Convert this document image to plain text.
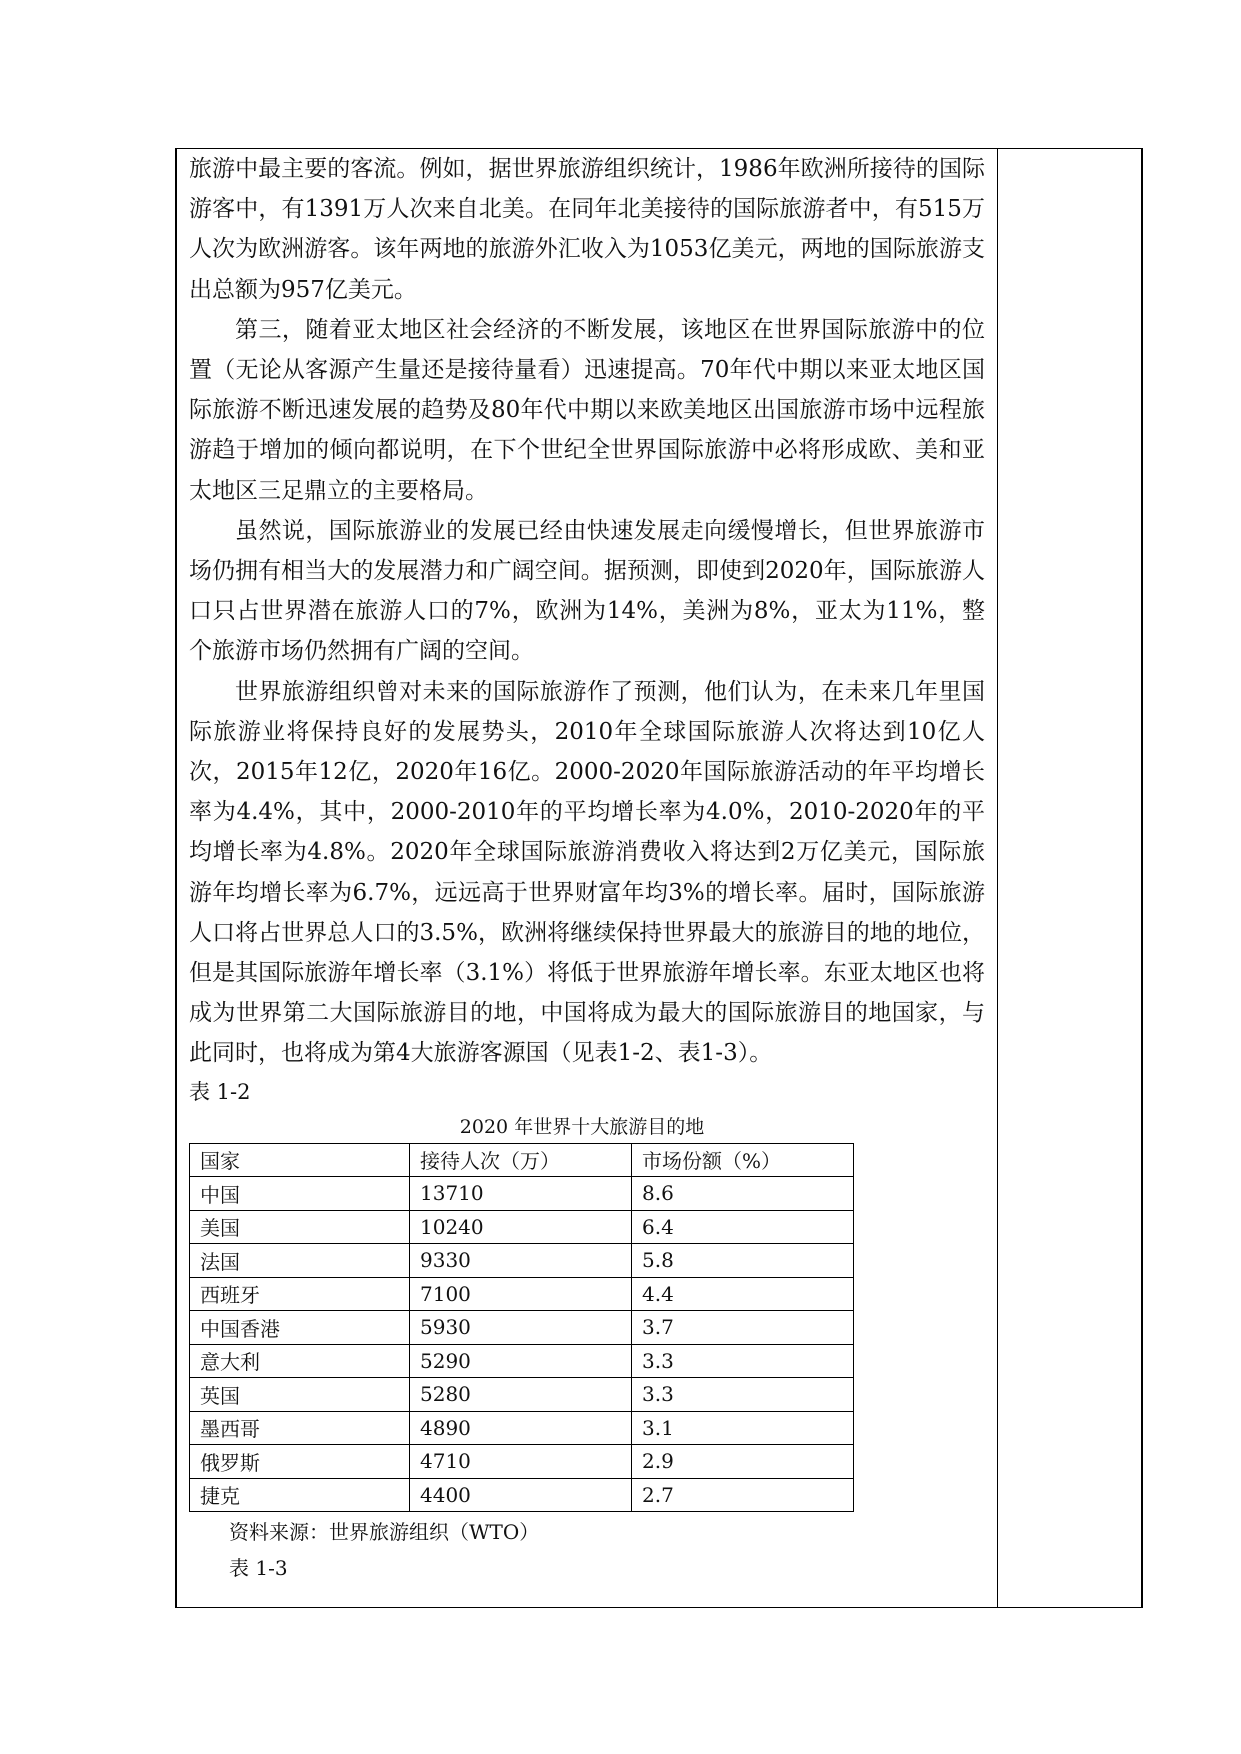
旅游中最主要的客流。例如，据世界旅游组织统计，1986年欧洲所接待的国际游客中，有1391万人次来自北美。在同年北美接待的国际旅游者中，有515万人次为欧洲游客。该年两地的旅游外汇收入为1053亿美元，两地的国际旅游支出总额为957亿美元。

第三，随着亚太地区社会经济的不断发展，该地区在世界国际旅游中的位置（无论从客源产生量还是接待量看）迅速提高。70年代中期以来亚太地区国际旅游不断迅速发展的趋势及80年代中期以来欧美地区出国旅游市场中远程旅游趋于增加的倾向都说明，在下个世纪全世界国际旅游中必将形成欧、美和亚太地区三足鼎立的主要格局。

虽然说，国际旅游业的发展已经由快速发展走向缓慢增长，但世界旅游市场仍拥有相当大的发展潜力和广阔空间。据预测，即使到2020年，国际旅游人口只占世界潜在旅游人口的7%，欧洲为14%，美洲为8%，亚太为11%，整个旅游市场仍然拥有广阔的空间。

世界旅游组织曾对未来的国际旅游作了预测，他们认为，在未来几年里国际旅游业将保持良好的发展势头，2010年全球国际旅游人次将达到10亿人次，2015年12亿，2020年16亿。2000-2020年国际旅游活动的年平均增长率为4.4%，其中，2000-2010年的平均增长率为4.0%，2010-2020年的平均增长率为4.8%。2020年全球国际旅游消费收入将达到2万亿美元，国际旅游年均增长率为6.7%，远远高于世界财富年均3%的增长率。届时，国际旅游人口将占世界总人口的3.5%，欧洲将继续保持世界最大的旅游目的地的地位，但是其国际旅游年增长率（3.1%）将低于世界旅游年增长率。东亚太地区也将成为世界第二大国际旅游目的地，中国将成为最大的国际旅游目的地国家，与此同时，也将成为第4大旅游客源国（见表1-2、表1-3）。

表 1-2

2020 年世界十大旅游目的地
国家	接待人次（万）	市场份额（%）
中国	13710	8.6
美国	10240	6.4
法国	9330	5.8
西班牙	7100	4.4
中国香港	5930	3.7
意大利	5290	3.3
英国	5280	3.3
墨西哥	4890	3.1
俄罗斯	4710	2.9
捷克	4400	2.7
资料来源：世界旅游组织（WTO）
表 1-3
